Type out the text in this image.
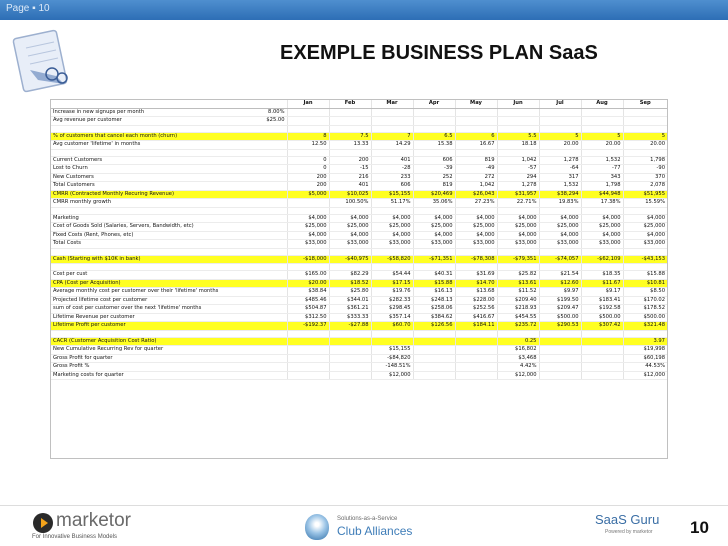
Page ▪ 10
EXEMPLE BUSINESS PLAN SaaS
		Jan	Feb	Mar	Apr	May	Jun	Jul	Aug	Sep
Increase in new signups per month	8.00%									
Avg revenue per customer	$25.00									

% of customers that cancel each month (churn)		8	7.5	7	6.5	6	5.5	5	5	5
Avg customer 'lifetime' in months		12.50	13.33	14.29	15.38	16.67	18.18	20.00	20.00	20.00

Current Customers		0	200	401	606	819	1,042	1,278	1,532	1,798
Lost to Churn		0	-15	-28	-39	-49	-57	-64	-77	-90
New Customers		200	216	233	252	272	294	317	343	370
Total Customers		200	401	606	819	1,042	1,278	1,532	1,798	2,078
CMRR (Contracted Monthly Recuring Revenue)		$5,000	$10,025	$15,155	$20,469	$26,043	$31,957	$38,294	$44,948	$51,955
CMRR monthly growth			100.50%	51.17%	35.06%	27.23%	22.71%	19.83%	17.38%	15.59%

Marketing		$4,000	$4,000	$4,000	$4,000	$4,000	$4,000	$4,000	$4,000	$4,000
Cost of Goods Sold (Salaries, Servers, Bandwidth, etc)		$25,000	$25,000	$25,000	$25,000	$25,000	$25,000	$25,000	$25,000	$25,000
Fixed Costs (Rent, Phones, etc)		$4,000	$4,000	$4,000	$4,000	$4,000	$4,000	$4,000	$4,000	$4,000
Total Costs		$33,000	$33,000	$33,000	$33,000	$33,000	$33,000	$33,000	$33,000	$33,000

Cash (Starting with $10K in bank)		-$18,000	-$40,975	-$58,820	-$71,351	-$78,308	-$79,351	-$74,057	-$62,109	-$43,153

Cost per cust		$165.00	$82.29	$54.44	$40.31	$31.69	$25.82	$21.54	$18.35	$15.88
CPA (Cost per Acquisition)		$20.00	$18.52	$17.15	$15.88	$14.70	$13.61	$12.60	$11.67	$10.81
Average monthly cost per customer over their 'lifetime' months		$38.84	$25.80	$19.76	$16.13	$13.68	$11.52	$9.97	$9.17	$8.50
Projected lifetime cost per customer		$485.46	$344.01	$282.33	$248.13	$228.00	$209.40	$199.50	$183.41	$170.02
sum of cost per customer over the next 'lifetime' months		$504.87	$361.21	$298.45	$258.06	$252.56	$218.93	$209.47	$192.58	$178.52
Lifetime Revenue per customer		$312.50	$333.33	$357.14	$384.62	$416.67	$454.55	$500.00	$500.00	$500.00
Lifetime Profit per customer		-$192.37	-$27.88	$60.70	$126.56	$184.11	$235.72	$290.53	$307.42	$321.48

CACR (Customer Acquisition Cost Ratio)							0.25			3.97
New Cumulative Recurring Rev for quarter				$15,155			$16,802			$19,998
Gross Profit for quarter				-$84,820			$3,468			$60,198
Gross Profit %				-148.51%			4.42%			44.53%
Marketing costs for quarter				$12,000			$12,000			$12,000
marketor
For Innovative Business Models
Solutions-as-a-Service
Club Alliances
SaaS Guru
Powered by marketor 10
